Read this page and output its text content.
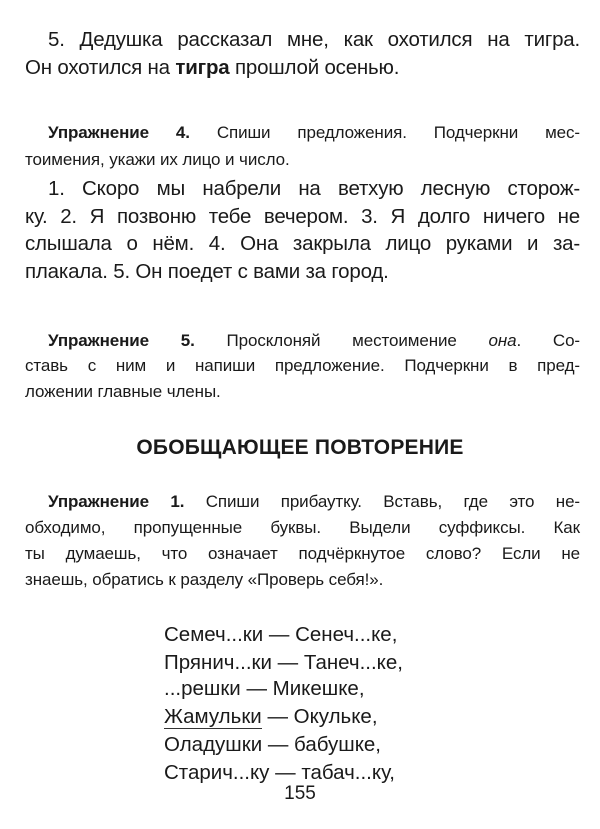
5. Дедушка рассказал мне, как охотился на тигра.
Он охотился на тигра прошлой осенью.
Упражнение 4. Спиши предложения. Подчеркни мес-
тоимения, укажи их лицо и число.
1. Скоро мы набрели на ветхую лесную сторож-
ку. 2. Я позвоню тебе вечером. 3. Я долго ничего не
слышала о нём. 4. Она закрыла лицо руками и за-
плакала. 5. Он поедет с вами за город.
Упражнение 5. Просклоняй местоимение она. Со-
ставь с ним и напиши предложение. Подчеркни в пред-
ложении главные члены.
ОБОБЩАЮЩЕЕ ПОВТОРЕНИЕ
Упражнение 1. Спиши прибаутку. Вставь, где это не-
обходимо, пропущенные буквы. Выдели суффиксы. Как
ты думаешь, что означает подчёркнутое слово? Если не
знаешь, обратись к разделу «Проверь себя!».
Семеч...ки — Сенеч...ке,
Прянич...ки — Танеч...ке,
...решки — Микешке,
Жамульки — Окульке,
Оладушки — бабушке,
Старич...ку — табач...ку,
155
